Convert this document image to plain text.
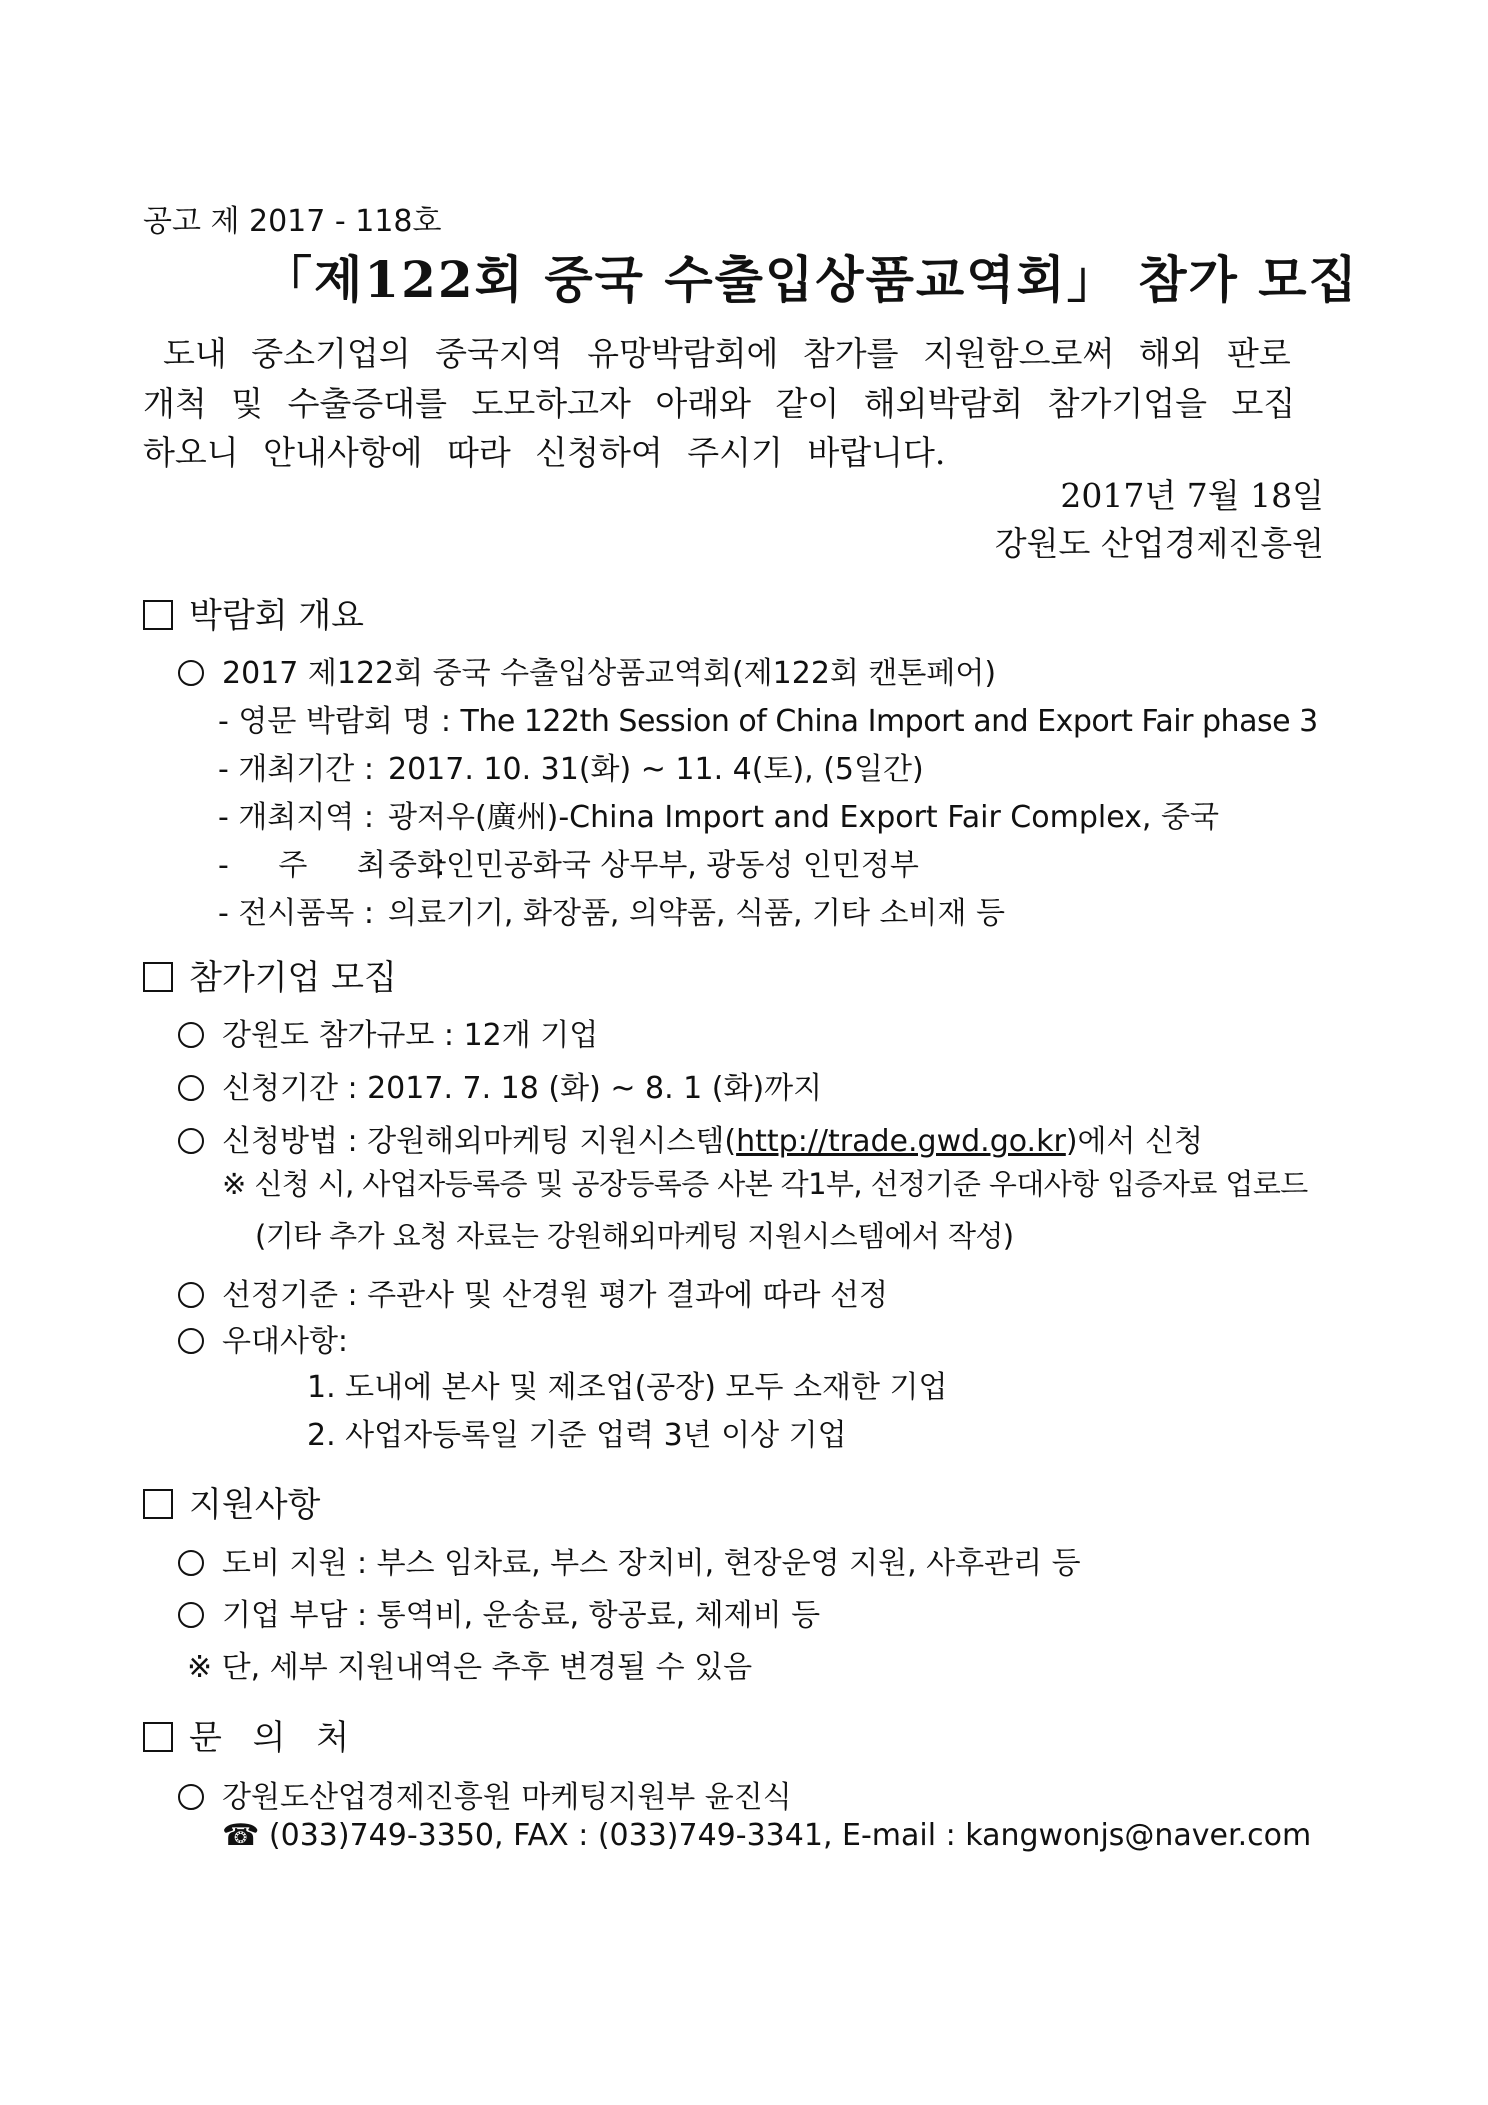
공고 제 2017 - 118호
「제122회 중국 수출입상품교역회」 참가 모집
도내 중소기업의 중국지역 유망박람회에 참가를 지원함으로써 해외 판로
개척 및 수출증대를 도모하고자 아래와 같이 해외박람회 참가기업을 모집
하오니 안내사항에 따라 신청하여 주시기 바랍니다.
2017년 7월 18일
강원도 산업경제진흥원
박람회 개요
2017 제122회 중국 수출입상품교역회(제122회 캔톤페어)
- 영문 박람회 명 : The 122th Session of China Import and Export Fair phase 3
- 개최기간 : 2017. 10. 31(화) ~ 11. 4(토), (5일간)
- 개최지역 : 광저우(廣州)-China Import and Export Fair Complex, 중국
- 주 최 :중화인민공화국 상무부, 광동성 인민정부
- 전시품목 : 의료기기, 화장품, 의약품, 식품, 기타 소비재 등
참가기업 모집
강원도 참가규모 : 12개 기업
신청기간 : 2017. 7. 18 (화) ~ 8. 1 (화)까지
신청방법 : 강원해외마케팅 지원시스템(http://trade.gwd.go.kr)에서 신청
※ 신청 시, 사업자등록증 및 공장등록증 사본 각1부, 선정기준 우대사항 입증자료 업로드
(기타 추가 요청 자료는 강원해외마케팅 지원시스템에서 작성)
선정기준 : 주관사 및 산경원 평가 결과에 따라 선정
우대사항:
1. 도내에 본사 및 제조업(공장) 모두 소재한 기업
2. 사업자등록일 기준 업력 3년 이상 기업
지원사항
도비 지원 : 부스 임차료, 부스 장치비, 현장운영 지원, 사후관리 등
기업 부담 : 통역비, 운송료, 항공료, 체제비 등
※ 단, 세부 지원내역은 추후 변경될 수 있음
문 의 처
강원도산업경제진흥원 마케팅지원부 윤진식
☎ (033)749-3350, FAX : (033)749-3341, E-mail : kangwonjs@naver.com
